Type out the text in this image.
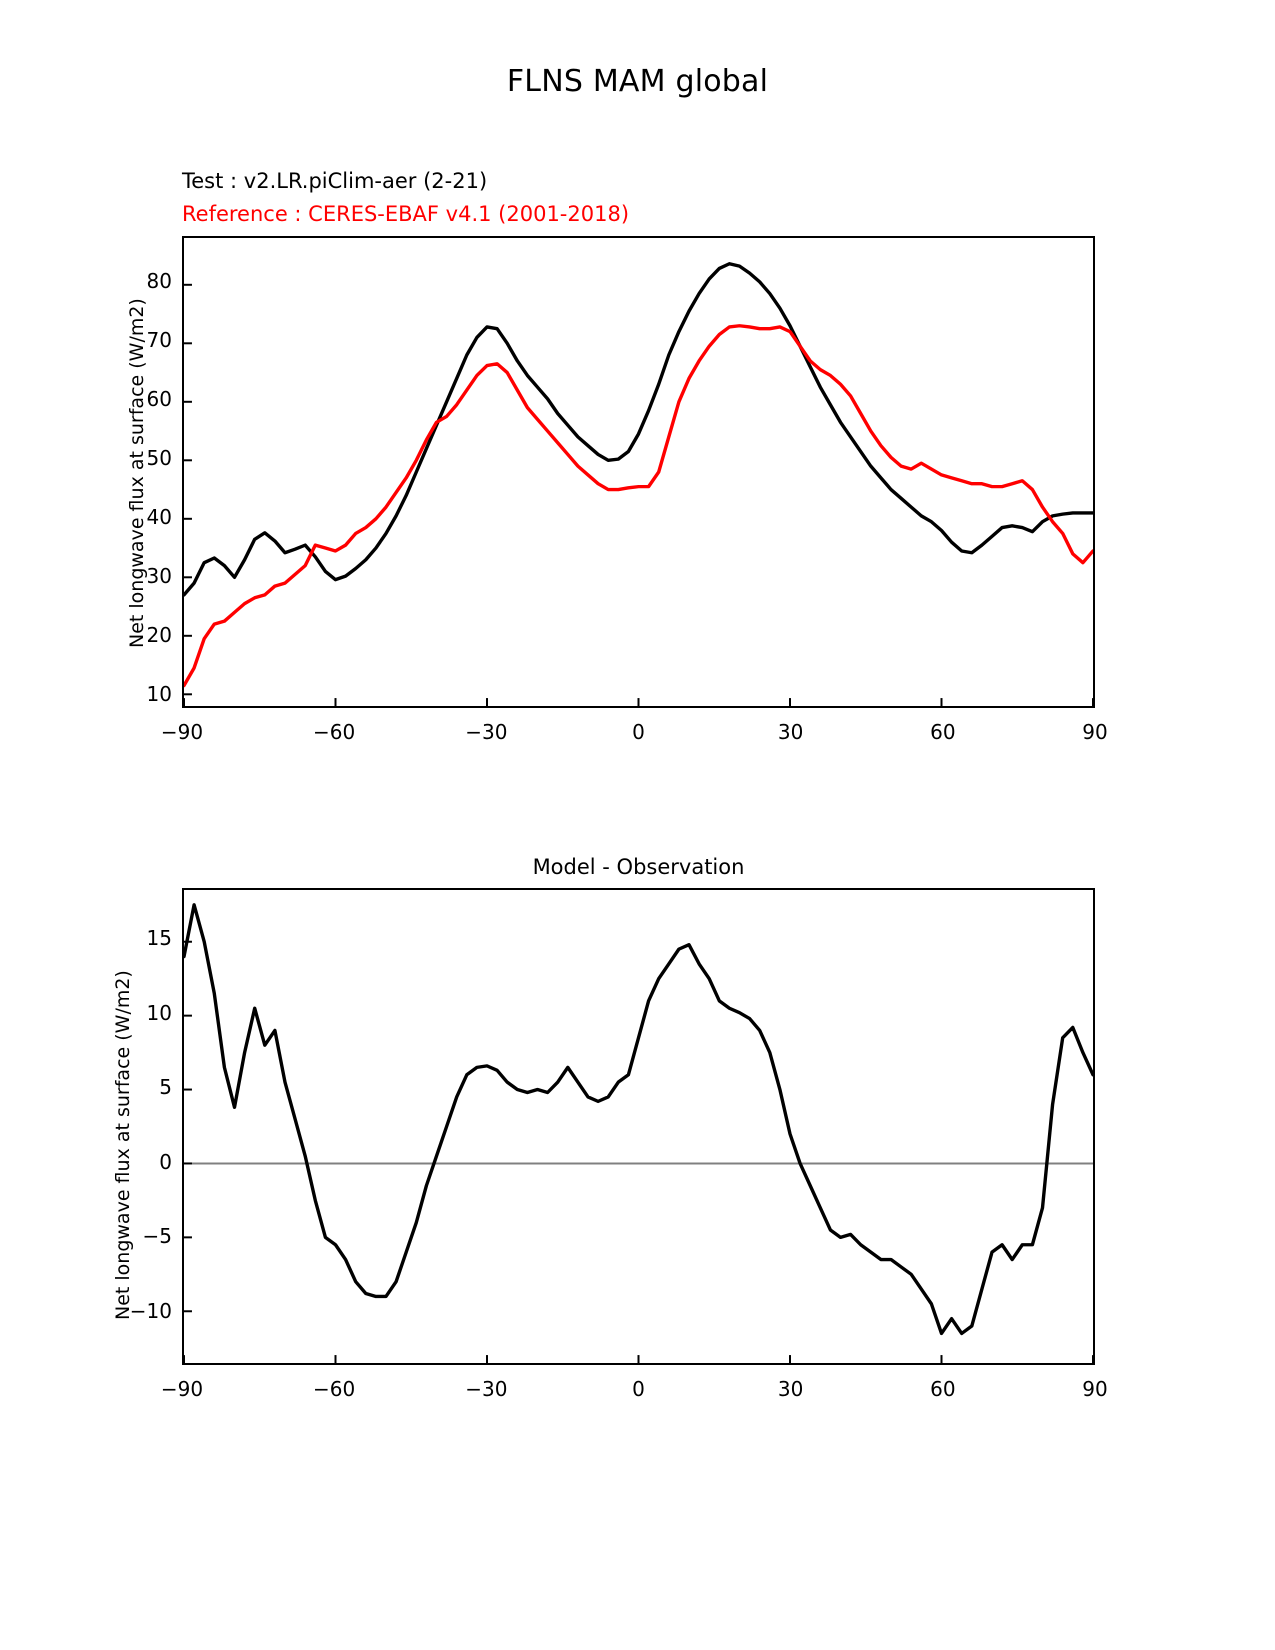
FLNS MAM global
Test : v2.LR.piClim-aer (2-21)
Reference : CERES-EBAF v4.1 (2001-2018)
Net longwave flux at surface (W/m2)
Model - Observation
Net longwave flux at surface (W/m2)
10
20
30
40
50
60
70
80
−90	−60	−30	0	30	60	90
−10
−5
0
5
10
15
−90	−60	−30	0	30	60	90
